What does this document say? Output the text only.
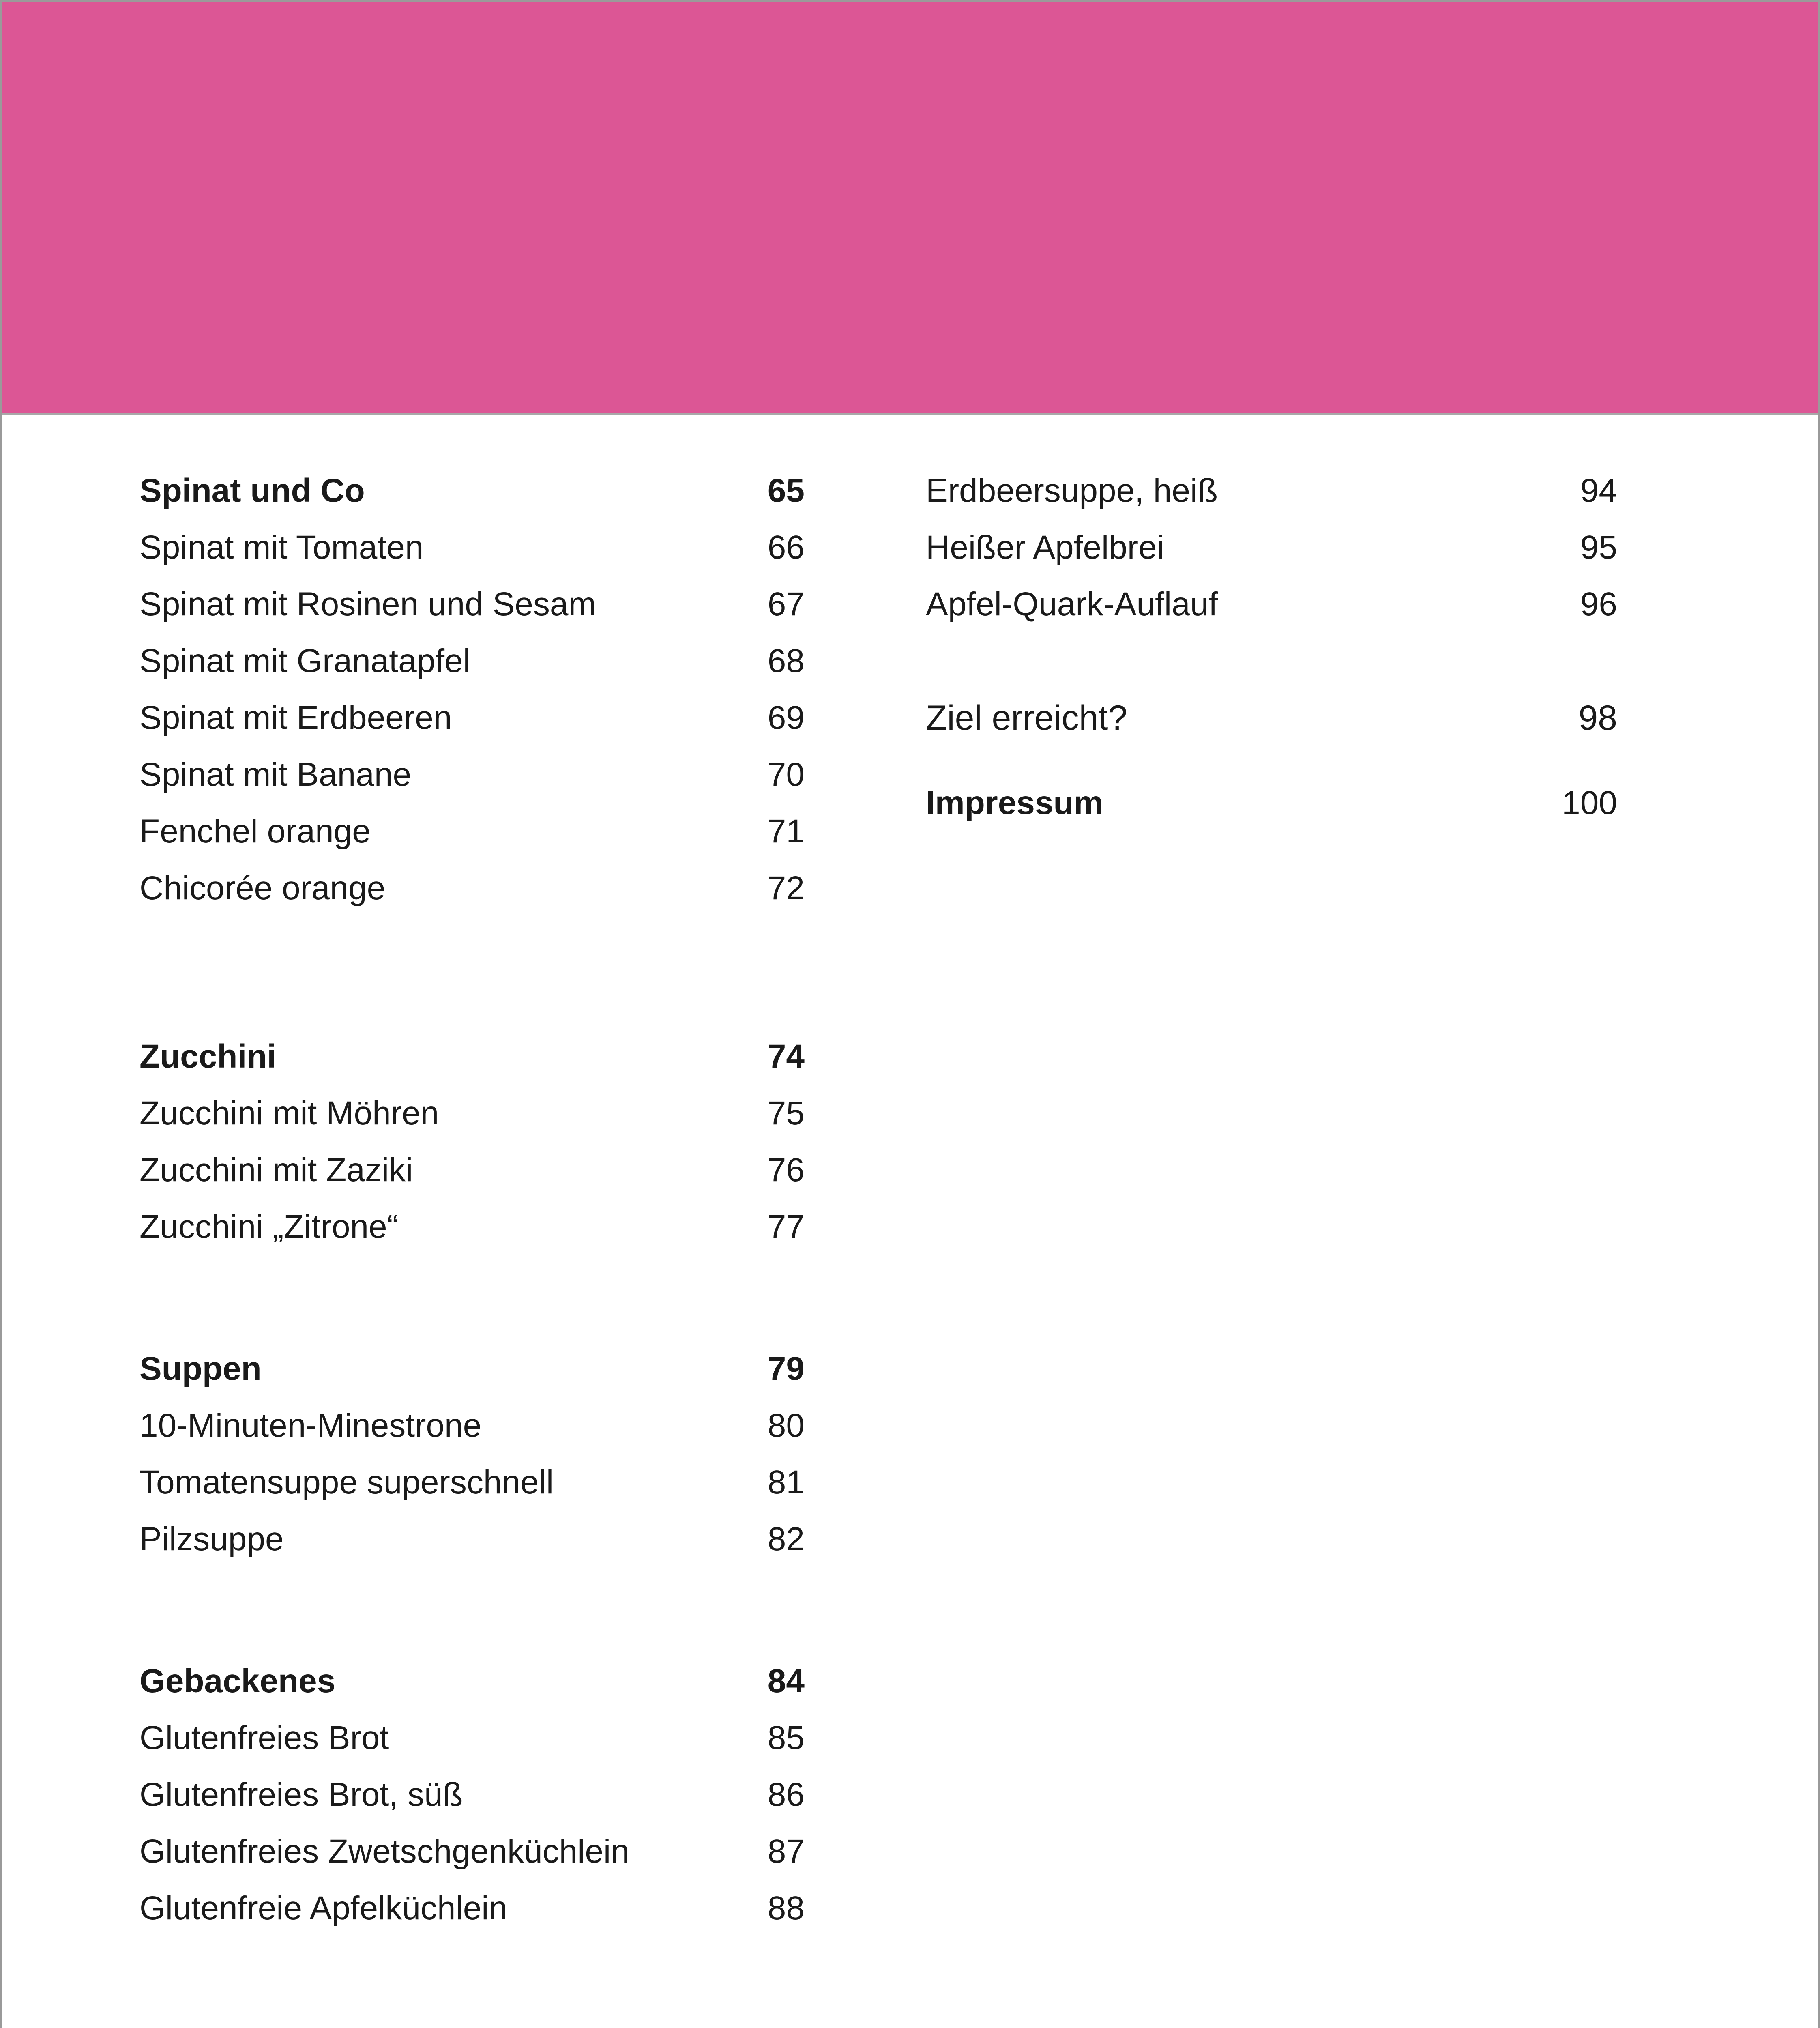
Spinat und Co	65
Spinat mit Tomaten	66
Spinat mit Rosinen und Sesam	67
Spinat mit Granatapfel	68
Spinat mit Erdbeeren	69
Spinat mit Banane	70
Fenchel orange	71
Chicorée orange	72
Zucchini	74
Zucchini mit Möhren	75
Zucchini mit Zaziki	76
Zucchini „Zitrone“	77
Suppen	79
10-Minuten-Minestrone	80
Tomatensuppe superschnell	81
Pilzsuppe	82
Gebackenes	84
Glutenfreies Brot	85
Glutenfreies Brot, süß	86
Glutenfreies Zwetschgenküchlein	87
Glutenfreie Apfelküchlein	88
Erdbeersuppe, heiß	94
Heißer Apfelbrei	95
Apfel-Quark-Auflauf	96
Ziel erreicht?	98
Impressum	100
